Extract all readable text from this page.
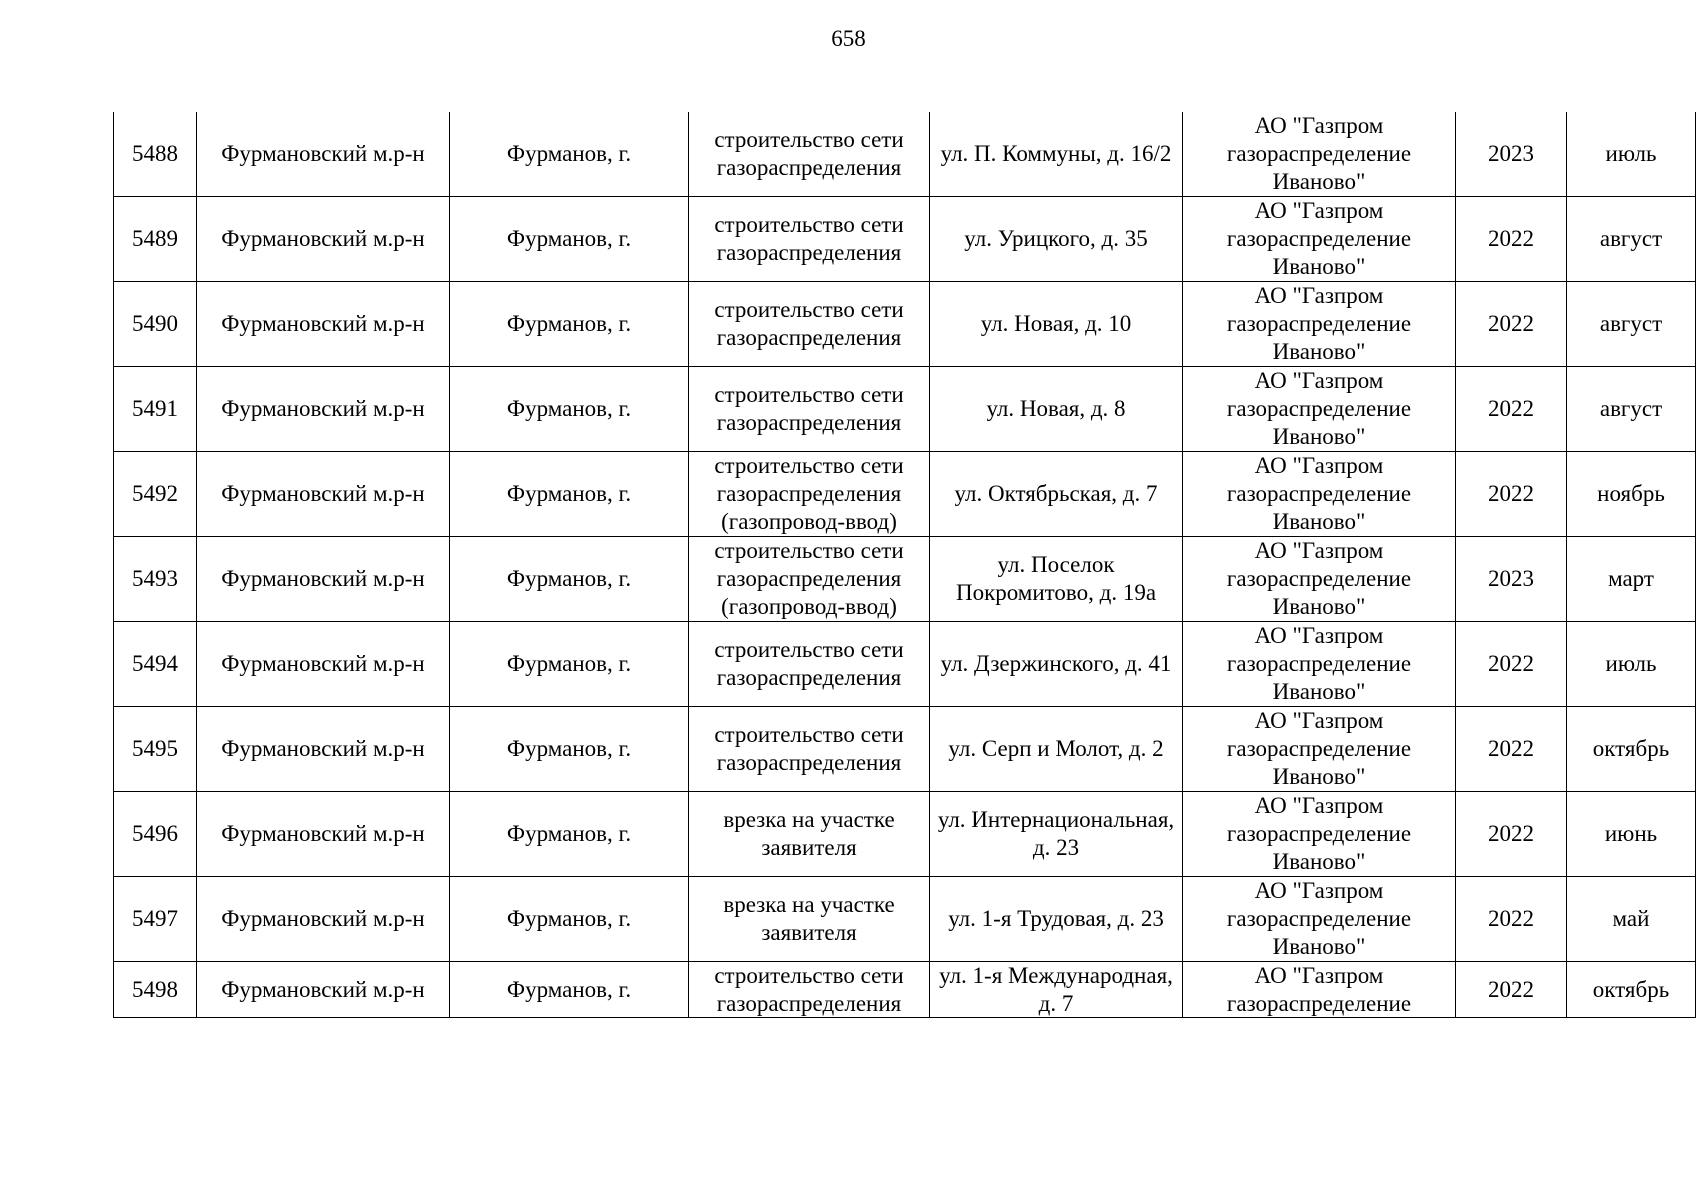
658
5488	Фурмановский м.р-н	Фурманов, г.	строительство сети газораспределения	ул. П. Коммуны, д. 16/2	АО "Газпром газораспределение Иваново"	2023	июль

5489	Фурмановский м.р-н	Фурманов, г.	строительство сети газораспределения	ул. Урицкого, д. 35	АО "Газпром газораспределение Иваново"	2022	август

5490	Фурмановский м.р-н	Фурманов, г.	строительство сети газораспределения	ул. Новая, д. 10	АО "Газпром газораспределение Иваново"	2022	август

5491	Фурмановский м.р-н	Фурманов, г.	строительство сети газораспределения	ул. Новая, д. 8	АО "Газпром газораспределение Иваново"	2022	август

5492	Фурмановский м.р-н	Фурманов, г.	строительство сети газораспределения (газопровод-ввод)	ул. Октябрьская, д. 7	АО "Газпром газораспределение Иваново"	2022	ноябрь

5493	Фурмановский м.р-н	Фурманов, г.	строительство сети газораспределения (газопровод-ввод)	ул. Поселок Покромитово, д. 19а	АО "Газпром газораспределение Иваново"	2023	март

5494	Фурмановский м.р-н	Фурманов, г.	строительство сети газораспределения	ул. Дзержинского, д. 41	АО "Газпром газораспределение Иваново"	2022	июль

5495	Фурмановский м.р-н	Фурманов, г.	строительство сети газораспределения	ул. Серп и Молот, д. 2	АО "Газпром газораспределение Иваново"	2022	октябрь

5496	Фурмановский м.р-н	Фурманов, г.	врезка на участке заявителя	ул. Интернациональная, д. 23	АО "Газпром газораспределение Иваново"	2022	июнь

5497	Фурмановский м.р-н	Фурманов, г.	врезка на участке заявителя	ул. 1-я Трудовая, д. 23	АО "Газпром газораспределение Иваново"	2022	май

5498	Фурмановский м.р-н	Фурманов, г.	строительство сети газораспределения	ул. 1-я Международная, д. 7	АО "Газпром газораспределение	2022	октябрь
